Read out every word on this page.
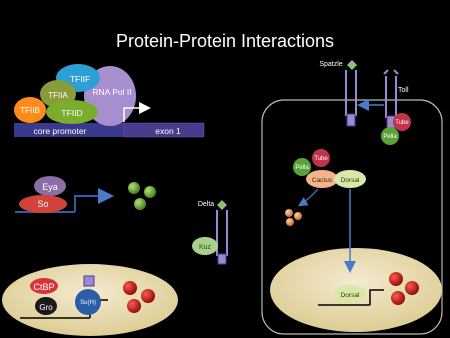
Protein-Protein Interactions
core promoter	exon 1
RNA Pol II
TFIIF
TFIIA
TFIID
TFIIB
Eya
So
CtBP
Gro	Su(H)
Delta
Kuz
Spatzle
Toll
Tube
Pella
Tube
Pella
Cactus Dorsal
Dorsal
